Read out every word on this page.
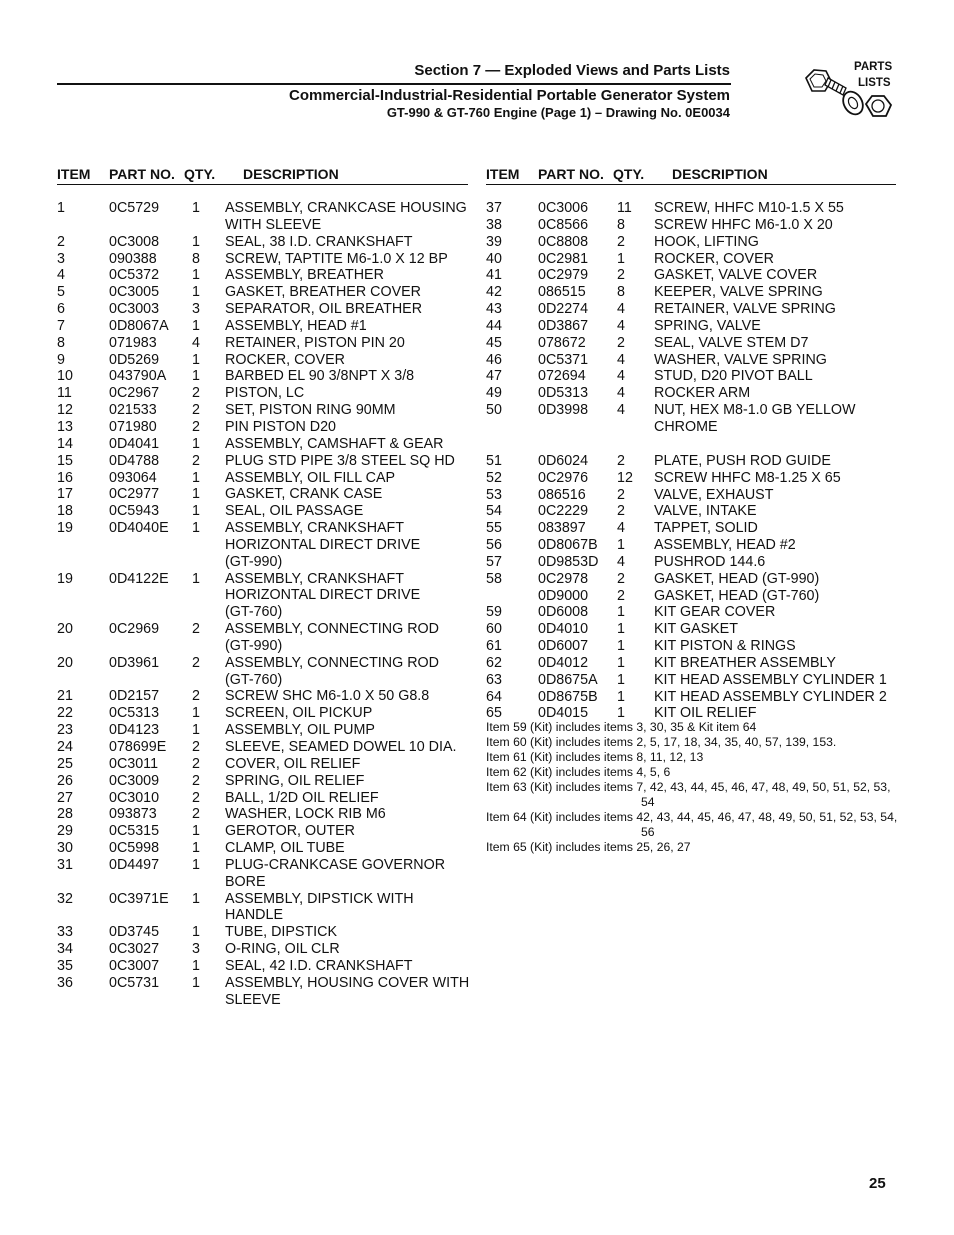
Section 7 — Exploded Views and Parts Lists
Commercial-Industrial-Residential Portable Generator System
GT-990 & GT-760 Engine (Page 1) – Drawing No. 0E0034
PARTS
LISTS
ITEM PART NO. QTY. DESCRIPTION	ITEM PART NO. QTY. DESCRIPTION
1	0C5729 1 ASSEMBLY, CRANKCASE HOUSING
WITH SLEEVE
2	0C3008 1 SEAL, 38 I.D. CRANKSHAFT
3	090388 8 SCREW, TAPTITE M6-1.0 X 12 BP
4	0C5372 1 ASSEMBLY, BREATHER
5	0C3005 1 GASKET, BREATHER COVER
6	0C3003 3 SEPARATOR, OIL BREATHER
7	0D8067A 1 ASSEMBLY, HEAD #1
8	071983 4 RETAINER, PISTON PIN 20
9	0D5269 1 ROCKER, COVER
10	043790A 1 BARBED EL 90 3/8NPT X 3/8
11	0C2967 2 PISTON, LC
12	021533 2 SET, PISTON RING 90MM
13	071980 2 PIN PISTON D20
14	0D4041 1 ASSEMBLY, CAMSHAFT & GEAR
15	0D4788 2 PLUG STD PIPE 3/8 STEEL SQ HD
16	093064 1 ASSEMBLY, OIL FILL CAP
17	0C2977 1 GASKET, CRANK CASE
18	0C5943 1 SEAL, OIL PASSAGE
19	0D4040E 1 ASSEMBLY, CRANKSHAFT
HORIZONTAL DIRECT DRIVE
(GT-990)
19	0D4122E 1 ASSEMBLY, CRANKSHAFT
HORIZONTAL DIRECT DRIVE
(GT-760)
20	0C2969 2 ASSEMBLY, CONNECTING ROD
(GT-990)
20	0D3961 2 ASSEMBLY, CONNECTING ROD
(GT-760)
21	0D2157 2 SCREW SHC M6-1.0 X 50 G8.8
22	0C5313 1 SCREEN, OIL PICKUP
23	0D4123 1 ASSEMBLY, OIL PUMP
24	078699E 2 SLEEVE, SEAMED DOWEL 10 DIA.
25	0C3011 2 COVER, OIL RELIEF
26	0C3009 2 SPRING, OIL RELIEF
27	0C3010 2 BALL, 1/2D OIL RELIEF
28	093873 2 WASHER, LOCK RIB M6
29	0C5315 1 GEROTOR, OUTER
30	0C5998 1 CLAMP, OIL TUBE
31	0D4497 1 PLUG-CRANKCASE GOVERNOR
BORE
32	0C3971E 1 ASSEMBLY, DIPSTICK WITH
HANDLE
33	0D3745 1 TUBE, DIPSTICK
34	0C3027 3 O-RING, OIL CLR
35	0C3007 1 SEAL, 42 I.D. CRANKSHAFT
36	0C5731 1 ASSEMBLY, HOUSING COVER WITH
SLEEVE
37	0C3006 11 SCREW, HHFC M10-1.5 X 55
38	0C8566 8 SCREW HHFC M6-1.0 X 20
39	0C8808 2 HOOK, LIFTING
40	0C2981 1 ROCKER, COVER
41	0C2979 2 GASKET, VALVE COVER
42	086515 8 KEEPER, VALVE SPRING
43	0D2274 4 RETAINER, VALVE SPRING
44	0D3867 4 SPRING, VALVE
45	078672 2 SEAL, VALVE STEM D7
46	0C5371 4 WASHER, VALVE SPRING
47	072694 4 STUD, D20 PIVOT BALL
49	0D5313 4 ROCKER ARM
50	0D3998 4 NUT, HEX M8-1.0 GB YELLOW
CHROME
51	0D6024 2 PLATE, PUSH ROD GUIDE
52	0C2976 12 SCREW HHFC M8-1.25 X 65
53	086516 2 VALVE, EXHAUST
54	0C2229 2 VALVE, INTAKE
55	083897 4 TAPPET, SOLID
56	0D8067B 1 ASSEMBLY, HEAD #2
57	0D9853D 4 PUSHROD 144.6
58	0C2978 2 GASKET, HEAD (GT-990)
0D9000 2 GASKET, HEAD (GT-760)
59	0D6008 1 KIT GEAR COVER
60	0D4010 1 KIT GASKET
61	0D6007 1 KIT PISTON & RINGS
62	0D4012 1 KIT BREATHER ASSEMBLY
63	0D8675A 1 KIT HEAD ASSEMBLY CYLINDER 1
64	0D8675B 1 KIT HEAD ASSEMBLY CYLINDER 2
65	0D4015 1 KIT OIL RELIEF
Item 59 (Kit) includes items 3, 30, 35 & Kit item 64
Item 60 (Kit) includes items 2, 5, 17, 18, 34, 35, 40, 57, 139, 153.
Item 61 (Kit) includes items 8, 11, 12, 13
Item 62 (Kit) includes items 4, 5, 6
Item 63 (Kit) includes items 7, 42, 43, 44, 45, 46, 47, 48, 49, 50, 51, 52, 53, 54
Item 64 (Kit) includes items 42, 43, 44, 45, 46, 47, 48, 49, 50, 51, 52, 53, 54, 56
Item 65 (Kit) includes items 25, 26, 27
25
